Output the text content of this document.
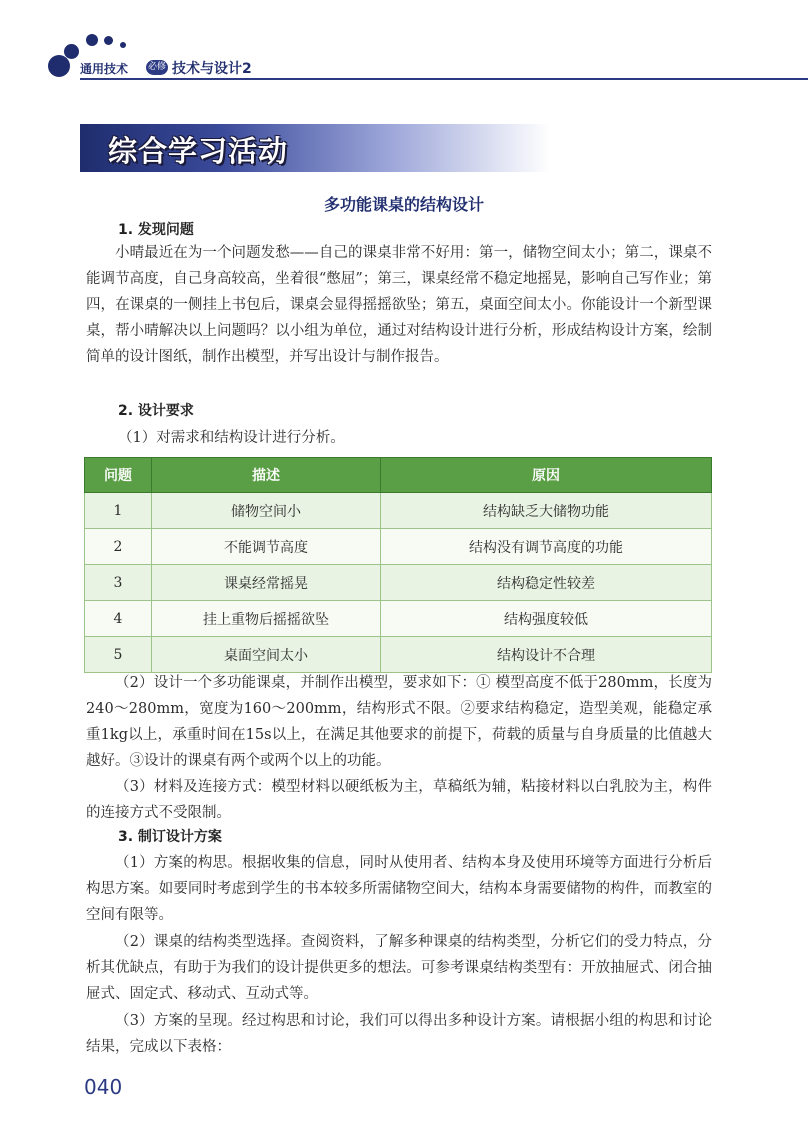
通用技术 必修 技术与设计2
综合学习活动
多功能课桌的结构设计
1. 发现问题
小晴最近在为一个问题发愁——自己的课桌非常不好用：第一，储物空间太小；第二，课桌不能调节高度，自己身高较高，坐着很“憋屈”；第三，课桌经常不稳定地摇晃，影响自己写作业；第四，在课桌的一侧挂上书包后，课桌会显得摇摇欲坠；第五，桌面空间太小。你能设计一个新型课桌，帮小晴解决以上问题吗？以小组为单位，通过对结构设计进行分析，形成结构设计方案，绘制简单的设计图纸，制作出模型，并写出设计与制作报告。
2. 设计要求
（1）对需求和结构设计进行分析。
问题	描述	原因
1	储物空间小	结构缺乏大储物功能
2	不能调节高度	结构没有调节高度的功能
3	课桌经常摇晃	结构稳定性较差
4	挂上重物后摇摇欲坠	结构强度较低
5	桌面空间太小	结构设计不合理
（2）设计一个多功能课桌，并制作出模型，要求如下：① 模型高度不低于280mm，长度为240～280mm，宽度为160～200mm，结构形式不限。②要求结构稳定，造型美观，能稳定承重1kg以上，承重时间在15s以上，在满足其他要求的前提下，荷载的质量与自身质量的比值越大越好。③设计的课桌有两个或两个以上的功能。
（3）材料及连接方式：模型材料以硬纸板为主，草稿纸为辅，粘接材料以白乳胶为主，构件的连接方式不受限制。
3. 制订设计方案
（1）方案的构思。根据收集的信息，同时从使用者、结构本身及使用环境等方面进行分析后构思方案。如要同时考虑到学生的书本较多所需储物空间大，结构本身需要储物的构件，而教室的空间有限等。
（2）课桌的结构类型选择。查阅资料，了解多种课桌的结构类型，分析它们的受力特点，分析其优缺点，有助于为我们的设计提供更多的想法。可参考课桌结构类型有：开放抽屉式、闭合抽屉式、固定式、移动式、互动式等。
（3）方案的呈现。经过构思和讨论，我们可以得出多种设计方案。请根据小组的构思和讨论结果，完成以下表格：
040
